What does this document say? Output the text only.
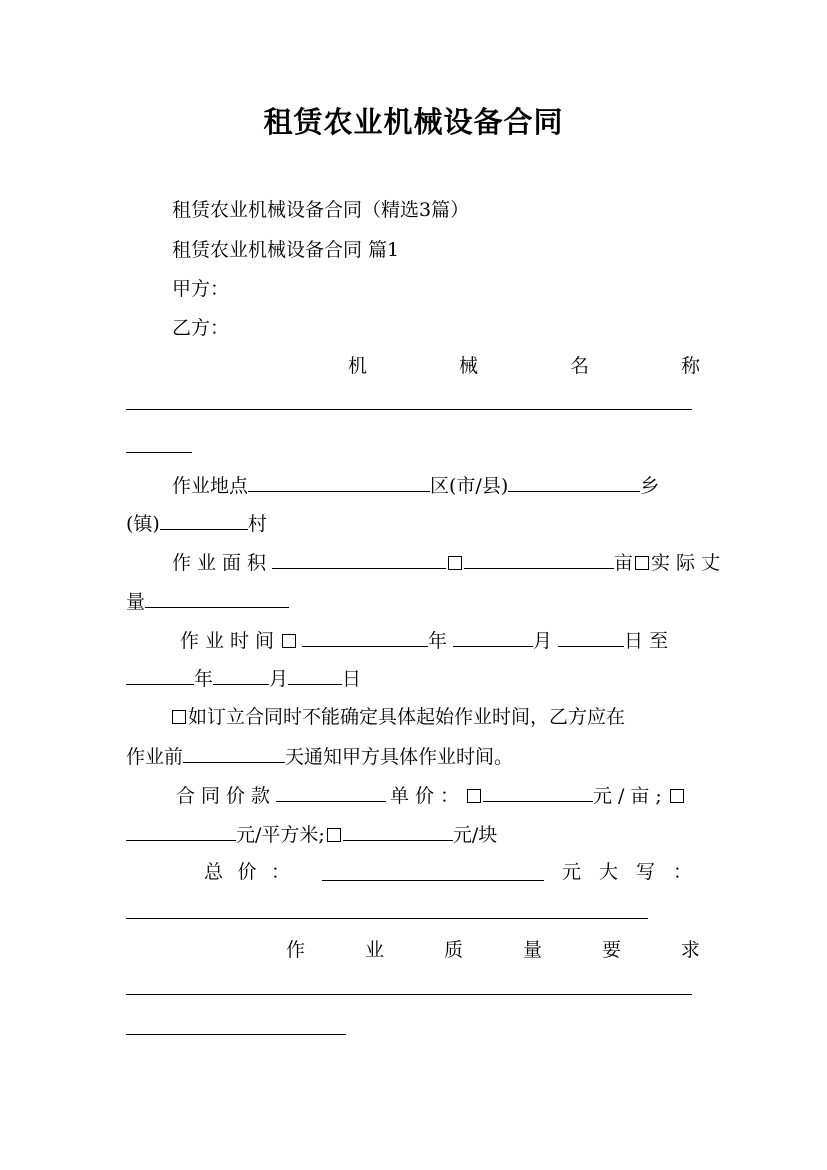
租赁农业机械设备合同
租赁农业机械设备合同（精选3篇）
租赁农业机械设备合同 篇1
甲方：
乙方：
机	械	名	称
作业地点	区(市/县)	乡
(镇)	村
作业面积	亩 实际丈
量
作业时间	年	月	日至
年	月	日
如订立合同时不能确定具体起始作业时间，乙方应在
作业前	天通知甲方具体作业时间。
合同价款	单价：	元/亩;
元/平方米;	元/块
总 价 ：	元 大 写 ：
作	业	质	量	要	求
